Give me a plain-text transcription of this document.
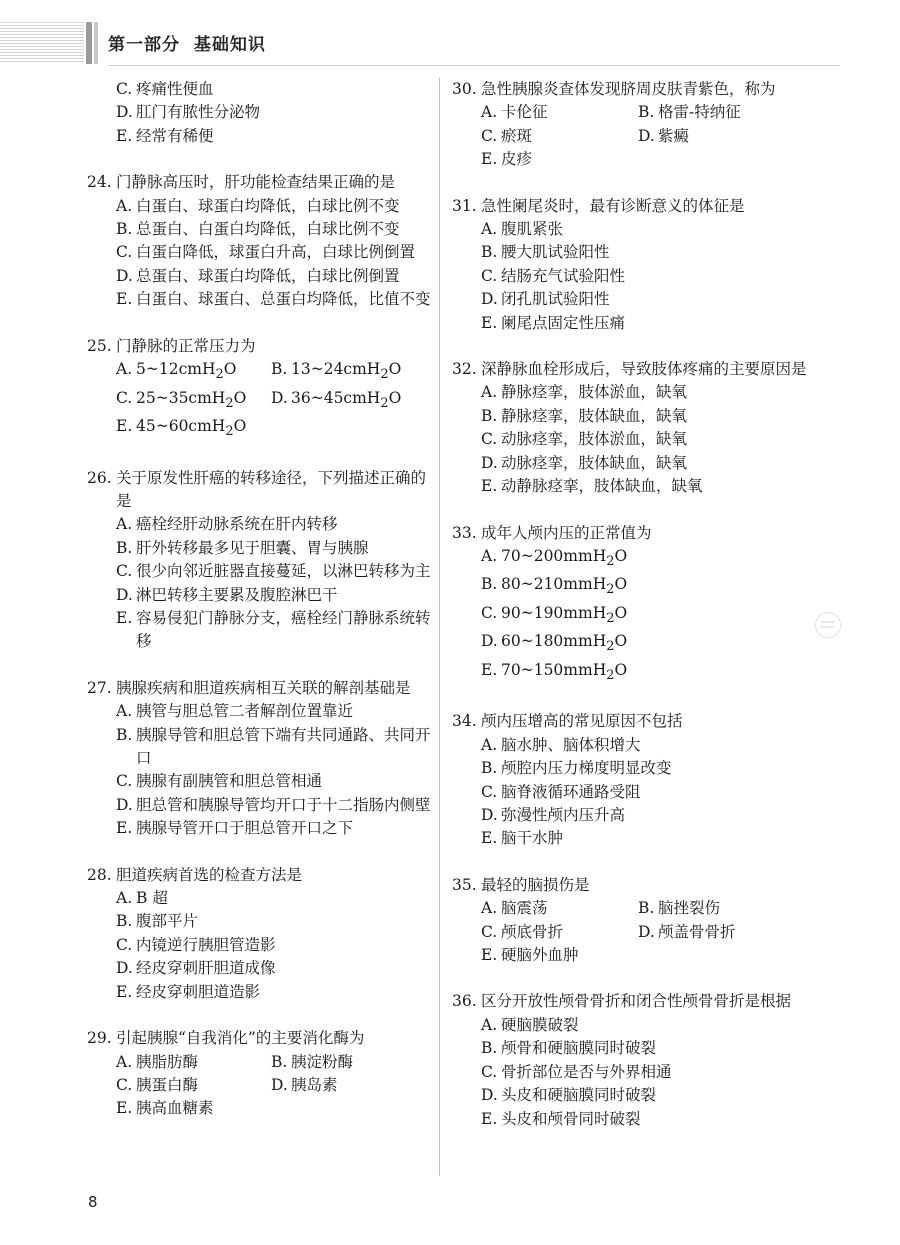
第一部分  基础知识
C. 疼痛性便血
D. 肛门有脓性分泌物
E. 经常有稀便
24. 门静脉高压时，肝功能检查结果正确的是
A. 白蛋白、球蛋白均降低，白球比例不变
B. 总蛋白、白蛋白均降低，白球比例不变
C. 白蛋白降低，球蛋白升高，白球比例倒置
D. 总蛋白、球蛋白均降低，白球比例倒置
E. 白蛋白、球蛋白、总蛋白均降低，比值不变
25. 门静脉的正常压力为
A. 5~12cmH$_2$O	B. 13~24cmH$_2$O
C. 25~35cmH$_2$O	D. 36~45cmH$_2$O
E. 45~60cmH$_2$O
26. 关于原发性肝癌的转移途径，下列描述正确的是
A. 癌栓经肝动脉系统在肝内转移
B. 肝外转移最多见于胆囊、胃与胰腺
C. 很少向邻近脏器直接蔓延，以淋巴转移为主
D. 淋巴转移主要累及腹腔淋巴干
E. 容易侵犯门静脉分支，癌栓经门静脉系统转移
27. 胰腺疾病和胆道疾病相互关联的解剖基础是
A. 胰管与胆总管二者解剖位置靠近
B. 胰腺导管和胆总管下端有共同通路、共同开口
C. 胰腺有副胰管和胆总管相通
D. 胆总管和胰腺导管均开口于十二指肠内侧壁
E. 胰腺导管开口于胆总管开口之下
28. 胆道疾病首选的检查方法是
A. B 超
B. 腹部平片
C. 内镜逆行胰胆管造影
D. 经皮穿刺肝胆道成像
E. 经皮穿刺胆道造影
29. 引起胰腺“自我消化”的主要消化酶为
A. 胰脂肪酶	B. 胰淀粉酶
C. 胰蛋白酶	D. 胰岛素
E. 胰高血糖素
30. 急性胰腺炎查体发现脐周皮肤青紫色，称为
A. 卡伦征	B. 格雷-特纳征
C. 瘀斑	D. 紫癜
E. 皮疹
31. 急性阑尾炎时，最有诊断意义的体征是
A. 腹肌紧张
B. 腰大肌试验阳性
C. 结肠充气试验阳性
D. 闭孔肌试验阳性
E. 阑尾点固定性压痛
32. 深静脉血栓形成后，导致肢体疼痛的主要原因是
A. 静脉痉挛，肢体淤血，缺氧
B. 静脉痉挛，肢体缺血，缺氧
C. 动脉痉挛，肢体淤血，缺氧
D. 动脉痉挛，肢体缺血，缺氧
E. 动静脉痉挛，肢体缺血，缺氧
33. 成年人颅内压的正常值为
A. 70~200mmH$_2$O
B. 80~210mmH$_2$O
C. 90~190mmH$_2$O
D. 60~180mmH$_2$O
E. 70~150mmH$_2$O
34. 颅内压增高的常见原因不包括
A. 脑水肿、脑体积增大
B. 颅腔内压力梯度明显改变
C. 脑脊液循环通路受阻
D. 弥漫性颅内压升高
E. 脑干水肿
35. 最轻的脑损伤是
A. 脑震荡	B. 脑挫裂伤
C. 颅底骨折	D. 颅盖骨骨折
E. 硬脑外血肿
36. 区分开放性颅骨骨折和闭合性颅骨骨折是根据
A. 硬脑膜破裂
B. 颅骨和硬脑膜同时破裂
C. 骨折部位是否与外界相通
D. 头皮和硬脑膜同时破裂
E. 头皮和颅骨同时破裂
8
